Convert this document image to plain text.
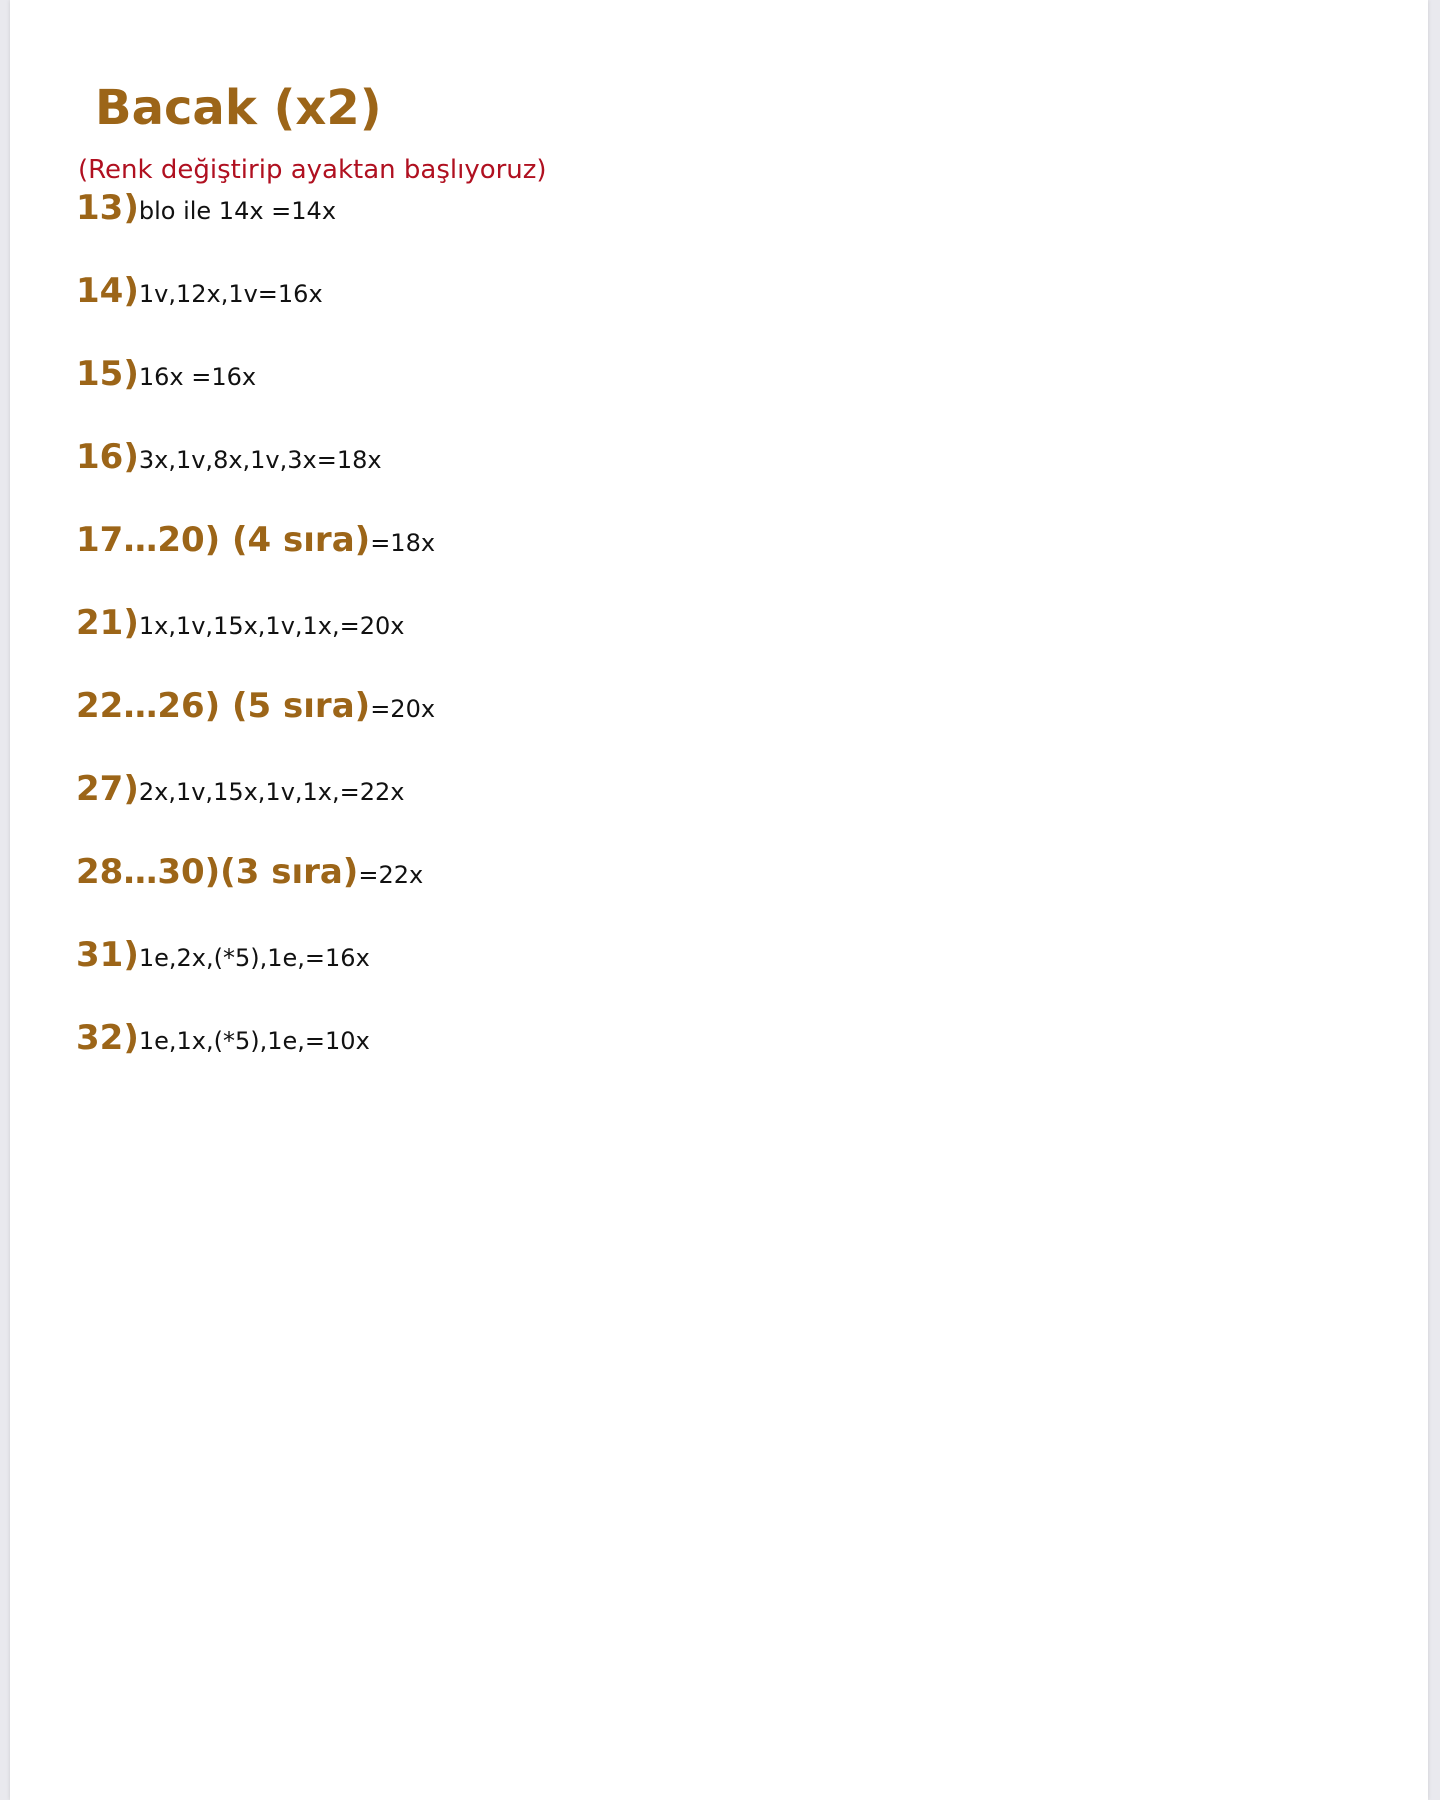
Bacak (x2)

(Renk değiştirip ayaktan başlıyoruz)

13)blo ile 14x =14x
14)1v,12x,1v=16x
15)16x =16x
16)3x,1v,8x,1v,3x=18x
17…20) (4 sıra)=18x
21)1x,1v,15x,1v,1x,=20x
22…26) (5 sıra)=20x
27)2x,1v,15x,1v,1x,=22x
28…30)(3 sıra)=22x
31)1e,2x,(*5),1e,=16x
32)1e,1x,(*5),1e,=10x
